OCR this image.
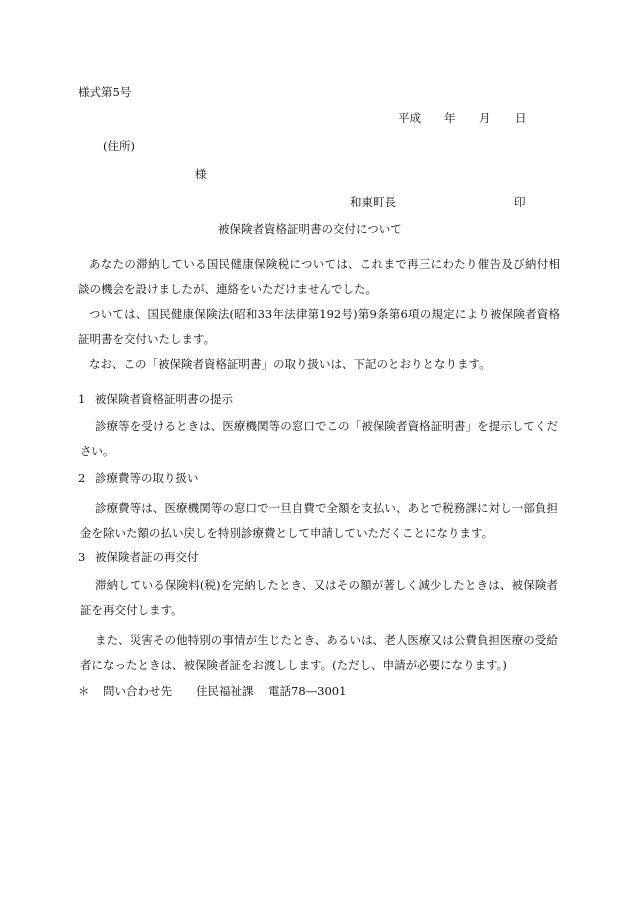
様式第5号
平成 年 月 日
(住所)
様
和東町長	印
被保険者資格証明書の交付について
あなたの滞納している国民健康保険税については、これまで再三にわたり催告及び納付相談の機会を設けましたが、連絡をいただけませんでした。
ついては、国民健康保険法(昭和33年法律第192号)第9条第6項の規定により被保険者資格証明書を交付いたします。
なお、この「被保険者資格証明書」の取り扱いは、下記のとおりとなります。
1 被保険者資格証明書の提示
診療等を受けるときは、医療機関等の窓口でこの「被保険者資格証明書」を提示してください。
2 診療費等の取り扱い
診療費等は、医療機関等の窓口で一旦自費で全額を支払い、あとで税務課に対し一部負担金を除いた額の払い戻しを特別診療費として申請していただくことになります。
3 被保険者証の再交付
滞納している保険料(税)を完納したとき、又はその額が著しく減少したときは、被保険者証を再交付します。
また、災害その他特別の事情が生じたとき、あるいは、老人医療又は公費負担医療の受給者になったときは、被保険者証をお渡しします。(ただし、申請が必要になります。)
＊ 問い合わせ先 住民福祉課 電話78―3001
